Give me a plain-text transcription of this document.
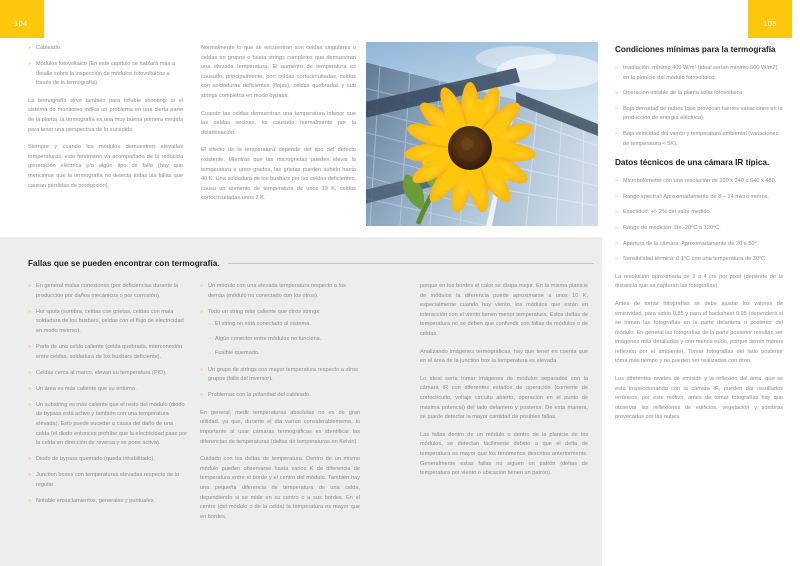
104	105
» Cableado.
» Módulos fotovoltaico (En este capítulo se hablará más a detalle sobre la inspección de módulos fotovoltaicos a través de la termografía).

La termografía sirve también para trouble shooting: si el sistema de monitoreo indica un problema en una cierta parte de la planta, la termografía es una muy buena primera medida para tener una perspectiva de lo sucedido.

Siempre y cuando los módulos demuestren elevadas temperaturas, este fenómeno va acompañado de la reducida generación eléctrica y/o algún tipo de falla (hay que mencionar que la termografía no detecta todas las fallas que causan pérdidas de producción).

Normalmente lo que se encuentran son celdas singulares o celdas en grupos o hasta strings completos que demuestran una elevada temperatura. El aumento de temperatura es causado, principalmente, por: celdas cortocircuitadas, celdas con soldaduras deficientes (flojas), celdas quebradas y sub strings completos en modo bypass.

Cuando las celdas demuestran una temperatura inferior que las celdas vecinas, es causado normalmente por la delaminación.

El efecto de la temperatura depende del tipo del defecto existente. Mientras que las microgrietas pueden elevar la temperatura a unos grados, las grietas pueden subirlo hasta 40 K. Una soldadura de los busbars por las celdas deficientes, causa un aumento de temperatura de unos 10 K, celdas cortocircuitadas unos 2 K.

Fallas que se pueden encontrar con termografía.
» En general malas conexiones (por deficiencias durante la producción por daños mecánicos o por corrosión).
» Hot spots (sombra, celdas con grietas, celdas con mala soldadura de los busbars, celdas con el flujo de electricidad en modo inverso).
» Parte de una celda caliente (celda quebrada, interconexión entre celdas, soldadura de los busbars deficiente).
» Celdas cerca al marco, elevan su temperatura (PID).
» Un área es más caliente que su entorno.
» Un substring es más caliente que el resto del módulo (diodo de bypass está activo y también con una temperatura elevada). Esto puede suceder a causa del daño de una celda (el diodo entonces prohíbe que la electricidad pase por la celda en dirección de reversa y se pone activa).
» Diodo de bypass quemado (queda inhabilitado).
» Junction boxes con temperaturas elevadas respecto de lo regular.
» Notable ensuciamientos, generales y puntuales.
» Un módulo con una elevada temperatura respecto a los demás (módulo no conectado con los otros).
» Todo un string más caliente que otros strings:
· El string no está conectado al sistema.
· Algún conector entre módulos no funciona.
· Fusible quemado.
» Un grupo de strings con mayor temperatura respecto a otros grupos (falla del inversor).
» Problemas con la polaridad del cableado.

En general, medir temperaturas absolutas no es de gran utilidad, ya que, durante el día varían considerablemente, lo importante al usar cámaras termográficas es identificar las diferencias de temperaturas (deltas de temperaturas en Kelvin).

Cuidado con los deltas de temperatura. Dentro de un mismo módulo pueden observarse hasta varios K de diferencia de temperatura entre el borde y el centro del módulo. También hay una pequeña diferencia de temperatura de una celda, dependiendo si se mide en su centro o a sus bordes. En el centro (del módulo o de la celda) la temperatura es mayor que en bordes,

porque en los bordes el calor se disipa mejor. En la misma planicie de módulos la diferencia puede aproximarse a unos 10 K, especialmente cuando hay viento, los módulos que están en interacción con el viento tienen menor temperatura. Estos deltas de temperatura no se deben que confundir con fallas de módulos o de celdas.

Analizando imágenes termográficas, hay que tener en cuenta que en el área de la junction box la temperatura es elevada.

Lo ideal sería tomar imágenes de módulos separados con la cámara IR con diferentes estados de operación (corriente de cortocircuito, voltaje circuito abierto, operación en el punto de máxima potencia) del lado delantero y posterior. De esta manera, se puede detectar la mayor cantidad de posibles fallas.

Las fallas dentro de un módulo o dentro de la planicie de los módulos, se detectan fácilmente debido a que el delta de temperatura es mayor que los fenómenos descritos anteriormente. Generalmente estas fallas no siguen un patrón (deltas de temperatura por viento o ubicación tienen un patrón).

Condiciones mínimas para la termografía
» Irradiación: mínimo 400 W/m² (ideal serían mínimo 600 W/m2) en la planicie del módulo fotovoltaico.
» Operación estable de la planta solar fotovoltaica.
» Baja densidad de nubes (que provocan fuertes variaciones en la producción de energía eléctrica).
» Baja velocidad del viento y temperatura ambiental (variaciones de temperatura < 5K).
Datos técnicos de una cámara IR típica.
» Microbolómetro con una resolución de 320 x 240 o 640 x 480.
» Rango spectral: Aproximadamente de 8 – 14 micro metros.
» Exactidud: +/- 2% del valor medido.
» Rango de medición: De -20°C a 120°C.
» Apertura de la cámara: Aproximadamente de 20 a 50°.
» Sensibilidad térmica: 0,1°C con una temperatura de 30°C.

La resolución aproximada de 2 a 4 cm por pixel (depende de la distancia que se capturan las fotografías).

Antes de tomar fotografías se debe ajustar los valores de emisividad, para vidrio 0,85 y para el backsheet 0,95 (dependerá si se toman las fotografías en la parte delantera o posterior del módulo. En general las fotografías de la parte posterior resultan ser imágenes más detalladas y con menos ruido, porque tienen menos reflexión por el ambiente). Tomar fotografías del lado posterior toma más tiempo y no pueden ser realizadas con dron.

Los diferentes niveles de emisión y la reflexión del área, que se está inspeccionando con la cámara IR, pueden dar resultados erróneos, por este motivo, antes de tomar fotografías hay que observar las reflexiones de edificios, vegetación y sombras provocadas por las nubes.
